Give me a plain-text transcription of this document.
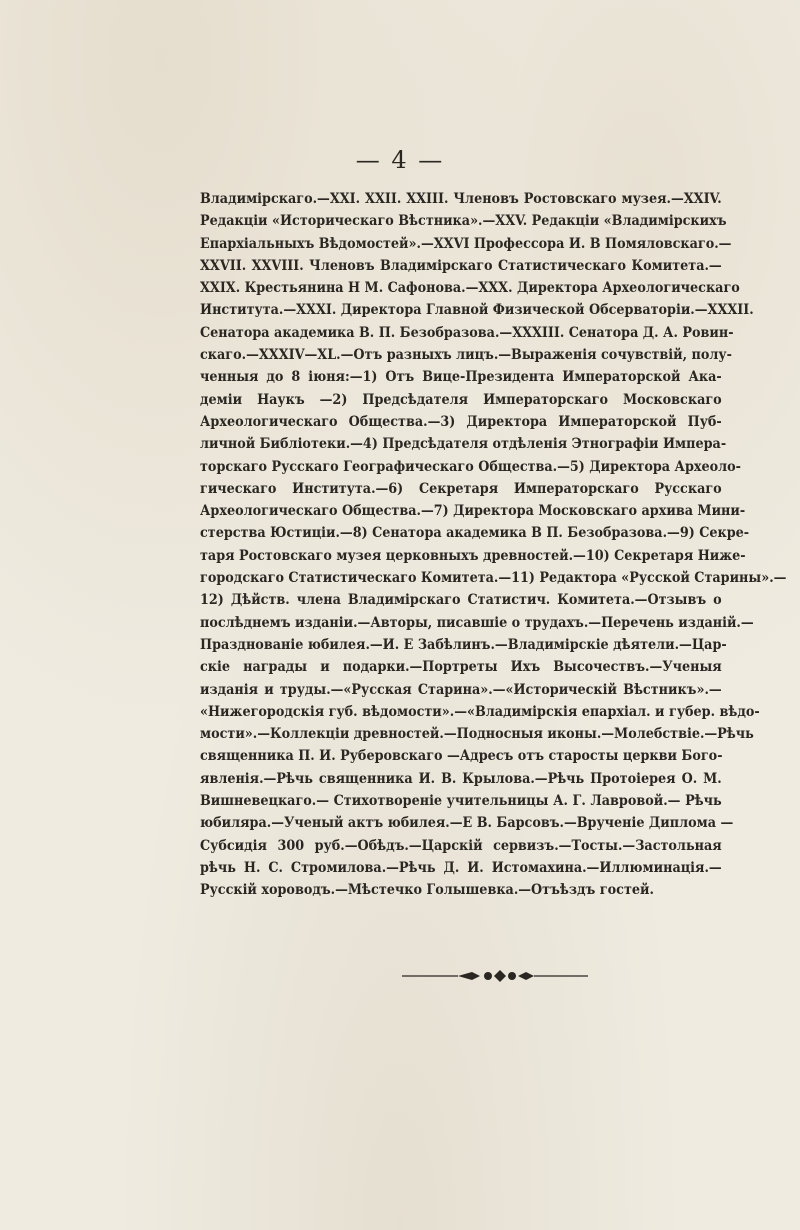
— 4 —
Владимірскаго.—XXI. XXII. XXIII. Членовъ Ростовскаго музея.—XXIV.
Редакціи «Историческаго Вѣстника».—XXV. Редакціи «Владимірскихъ
Епархіальныхъ Вѣдомостей».—XXVI Профессора И. В Помяловскаго.—
XXVII. XXVIII. Членовъ Владимірскаго Статистическаго Комитета.—
XXIX. Крестьянина Н М. Сафонова.—XXX. Директора Археологическаго
Института.—XXXI. Директора Главной Физической Обсерваторіи.—XXXII.
Сенатора академика В. П. Безобразова.—XXXIII. Сенатора Д. А. Ровин-
скаго.—XXXIV—XL.—Отъ разныхъ лицъ.—Выраженія сочувствій, полу-
ченныя до 8 іюня:—1) Отъ Вице-Президента Императорской Ака-
деміи Наукъ —2) Предсѣдателя Императорскаго Московскаго
Археологическаго Общества.—3) Директора Императорской Пуб-
личной Библіотеки.—4) Предсѣдателя отдѣленія Этнографіи Импера-
торскаго Русскаго Географическаго Общества.—5) Директора Археоло-
гическаго Института.—6) Секретаря Императорскаго Русскаго
Археологическаго Общества.—7) Директора Московскаго архива Мини-
стерства Юстиціи.—8) Сенатора академика В П. Безобразова.—9) Секре-
таря Ростовскаго музея церковныхъ древностей.—10) Секретаря Ниже-
городскаго Статистическаго Комитета.—11) Редактора «Русской Старины».—
12) Дѣйств. члена Владимірскаго Статистич. Комитета.—Отзывъ о
послѣднемъ изданіи.—Авторы, писавшіе о трудахъ.—Перечень изданій.—
Празднованіе юбилея.—И. Е Забѣлинъ.—Владимірскіе дѣятели.—Цар-
скіе награды и подарки.—Портреты Ихъ Высочествъ.—Ученыя
изданія и труды.—«Русская Старина».—«Историческій Вѣстникъ».—
«Нижегородскія губ. вѣдомости».—«Владимірскія епархіал. и губер. вѣдо-
мости».—Коллекціи древностей.—Подносныя иконы.—Молебствіе.—Рѣчь
священника П. И. Руберовскаго —Адресъ отъ старосты церкви Бого-
явленія.—Рѣчь священника И. В. Крылова.—Рѣчь Протоіерея О. М.
Вишневецкаго.— Стихотвореніе учительницы А. Г. Лавровой.— Рѣчь
юбиляра.—Ученый актъ юбилея.—Е В. Барсовъ.—Врученіе Диплома —
Субсидія 300 руб.—Обѣдъ.—Царскій сервизъ.—Тосты.—Застольная
рѣчь Н. С. Стромилова.—Рѣчь Д. И. Истомахина.—Иллюминація.—
Русскій хороводъ.—Мѣстечко Голышевка.—Отъѣздъ гостей.
